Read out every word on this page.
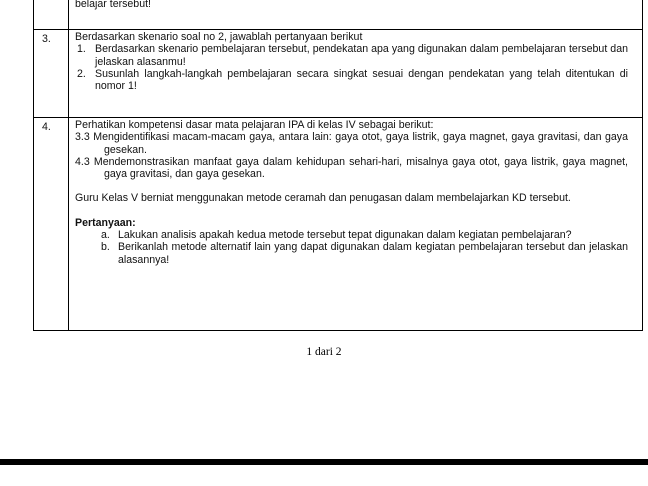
belajar tersebut!

3. Berdasarkan skenario soal no 2, jawablah pertanyaan berikut

1. Berdasarkan skenario pembelajaran tersebut, pendekatan apa yang digunakan dalam pembelajaran tersebut dan jelaskan alasanmu!
2. Susunlah langkah-langkah pembelajaran secara singkat sesuai dengan pendekatan yang telah ditentukan di nomor 1!
4. Perhatikan kompetensi dasar mata pelajaran IPA di kelas IV sebagai berikut:

3.3 Mengidentifikasi macam-macam gaya, antara lain: gaya otot, gaya listrik, gaya magnet, gaya gravitasi, dan gaya gesekan.
4.3 Mendemonstrasikan manfaat gaya dalam kehidupan sehari-hari, misalnya gaya otot, gaya listrik, gaya magnet, gaya gravitasi, dan gaya gesekan.

Guru Kelas V berniat menggunakan metode ceramah dan penugasan dalam membelajarkan KD tersebut.

Pertanyaan:

a. Lakukan analisis apakah kedua metode tersebut tepat digunakan dalam kegiatan pembelajaran?
b. Berikanlah metode alternatif lain yang dapat digunakan dalam kegiatan pembelajaran tersebut dan jelaskan alasannya!
1 dari 2
